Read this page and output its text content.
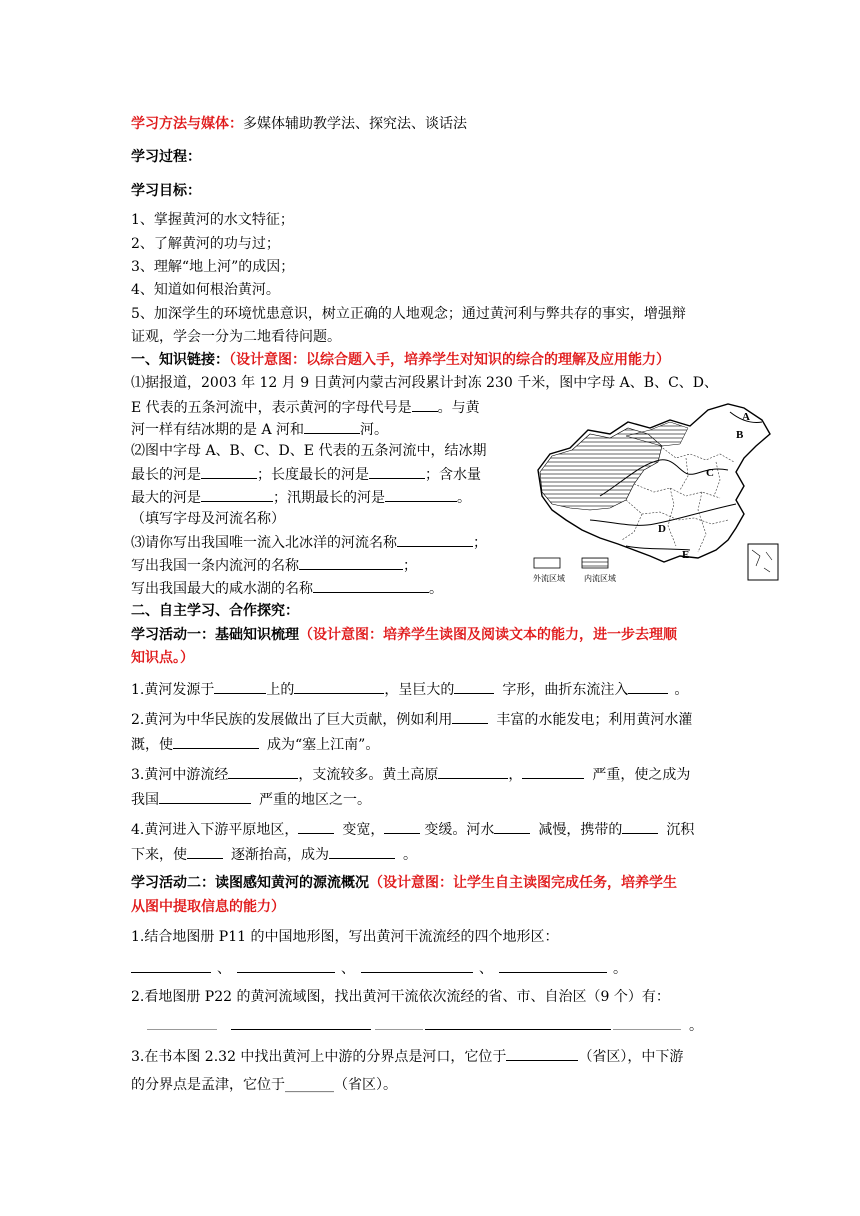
学习方法与媒体：多媒体辅助教学法、探究法、谈话法
学习过程：
学习目标：
1、掌握黄河的水文特征；
2、了解黄河的功与过；
3、理解“地上河”的成因；
4、知道如何根治黄河。
5、加深学生的环境忧患意识，树立正确的人地观念；通过黄河利与弊共存的事实，增强辩
证观，学会一分为二地看待问题。
一、知识链接：（设计意图：以综合题入手，培养学生对知识的综合的理解及应用能力）
⑴据报道，2003 年 12 月 9 日黄河内蒙古河段累计封冻 230 千米，图中字母 A、B、C、D、
E 代表的五条河流中，表示黄河的字母代号是 。与黄
河一样有结冰期的是 A 河和	河。
⑵图中字母 A、B、C、D、E 代表的五条河流中，结冰期
最长的河是	；长度最长的河是	；含水量
最大的河是	；汛期最长的河是	。
（填写字母及河流名称）
⑶请你写出我国唯一流入北冰洋的河流名称	；
写出我国一条内流河的名称	；
写出我国最大的咸水湖的名称	。
A
B
C
D
E
外流区域 内流区域
二、自主学习、合作探究：
学习活动一：基础知识梳理（设计意图：培养学生读图及阅读文本的能力，进一步去理顺
知识点。）
1.黄河发源于	上的	，呈巨大的	字形，曲折东流注入	。
2.黄河为中华民族的发展做出了巨大贡献，例如利用	丰富的水能发电；利用黄河水灌
溉，使	成为“塞上江南”。
3.黄河中游流经	，支流较多。黄土高原	，	严重，使之成为
我国	严重的地区之一。
4.黄河进入下游平原地区，	变宽，	变缓。河水	减慢，携带的	沉积
下来，使	逐渐抬高，成为	。
学习活动二：读图感知黄河的源流概况（设计意图：让学生自主读图完成任务，培养学生
从图中提取信息的能力）
1.结合地图册 P11 的中国地形图，写出黄河干流流经的四个地形区：
、	、	、	。
2.看地图册 P22 的黄河流域图，找出黄河干流依次流经的省、市、自治区（9 个）有：
。
3.在书本图 2.32 中找出黄河上中游的分界点是河口，它位于	（省区），中下游
的分界点是孟津，它位于_______（省区）。
